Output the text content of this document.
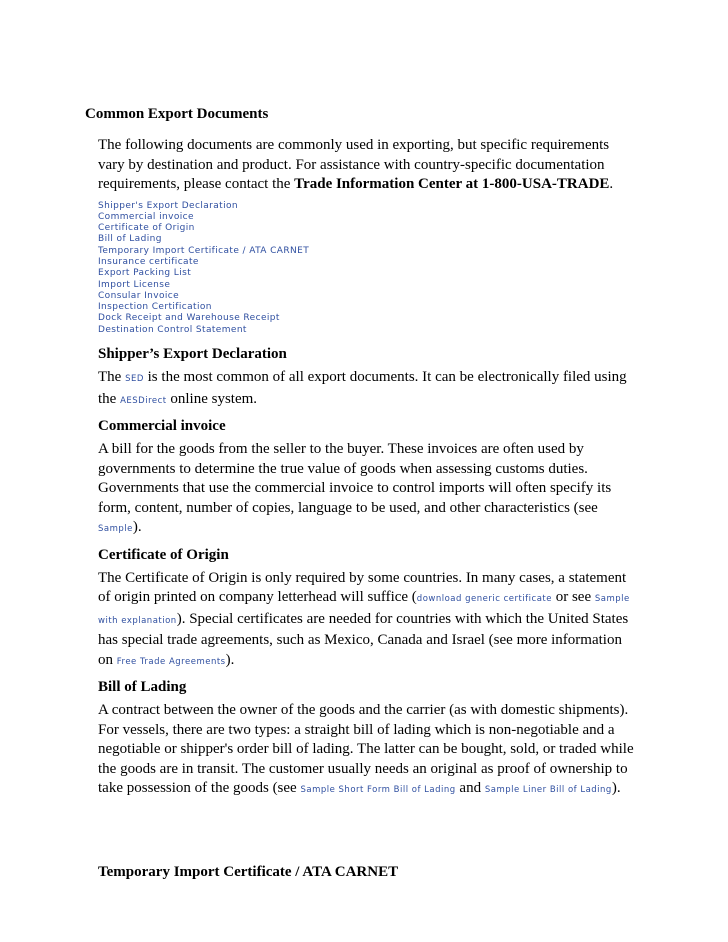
Common Export Documents

The following documents are commonly used in exporting, but specific requirements vary by destination and product. For assistance with country-specific documentation requirements, please contact the Trade Information Center at 1-800-USA-TRADE.

Shipper's Export Declaration
Commercial invoice
Certificate of Origin
Bill of Lading
Temporary Import Certificate / ATA CARNET
Insurance certificate
Export Packing List
Import License
Consular Invoice
Inspection Certification
Dock Receipt and Warehouse Receipt
Destination Control Statement
Shipper’s Export Declaration

The SED is the most common of all export documents. It can be electronically filed using the AESDirect online system.

Commercial invoice

A bill for the goods from the seller to the buyer. These invoices are often used by governments to determine the true value of goods when assessing customs duties. Governments that use the commercial invoice to control imports will often specify its form, content, number of copies, language to be used, and other characteristics (see Sample).

Certificate of Origin

The Certificate of Origin is only required by some countries. In many cases, a statement of origin printed on company letterhead will suffice (download generic certificate or see Sample with explanation). Special certificates are needed for countries with which the United States has special trade agreements, such as Mexico, Canada and Israel (see more information on Free Trade Agreements).

Bill of Lading

A contract between the owner of the goods and the carrier (as with domestic shipments). For vessels, there are two types: a straight bill of lading which is non-negotiable and a negotiable or shipper's order bill of lading. The latter can be bought, sold, or traded while the goods are in transit. The customer usually needs an original as proof of ownership to take possession of the goods (see Sample Short Form Bill of Lading and Sample Liner Bill of Lading).

Temporary Import Certificate / ATA CARNET
